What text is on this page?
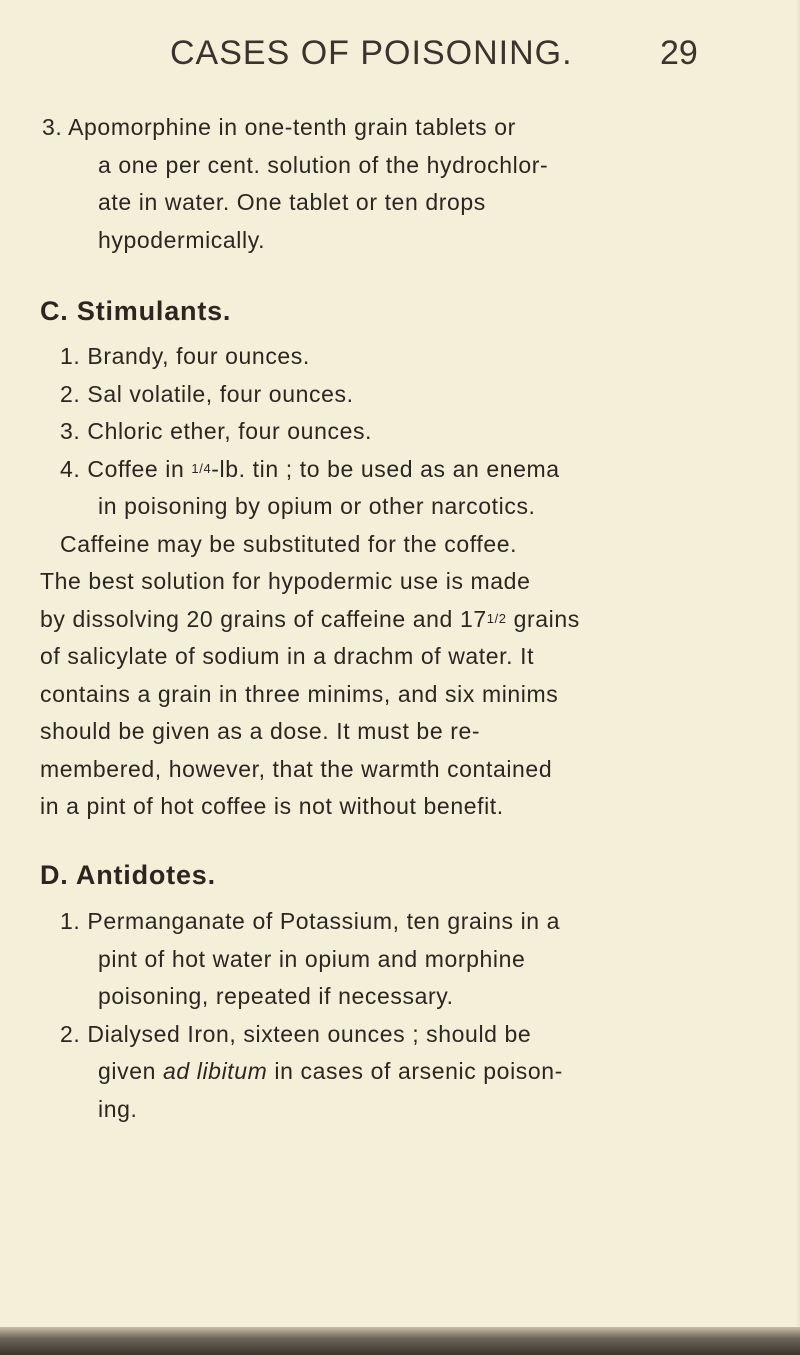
CASES OF POISONING.	29
3. Apomorphine in one-tenth grain tablets or
a one per cent. solution of the hydrochlor-
ate in water. One tablet or ten drops
hypodermically.
C. Stimulants.
1. Brandy, four ounces.
2. Sal volatile, four ounces.
3. Chloric ether, four ounces.
4. Coffee in 1/4-lb. tin ; to be used as an enema
in poisoning by opium or other narcotics.
Caffeine may be substituted for the coffee.
The best solution for hypodermic use is made
by dissolving 20 grains of caffeine and 171/2 grains
of salicylate of sodium in a drachm of water. It
contains a grain in three minims, and six minims
should be given as a dose. It must be re-
membered, however, that the warmth contained
in a pint of hot coffee is not without benefit.
D. Antidotes.
1. Permanganate of Potassium, ten grains in a
pint of hot water in opium and morphine
poisoning, repeated if necessary.
2. Dialysed Iron, sixteen ounces ; should be
given ad libitum in cases of arsenic poison-
ing.
